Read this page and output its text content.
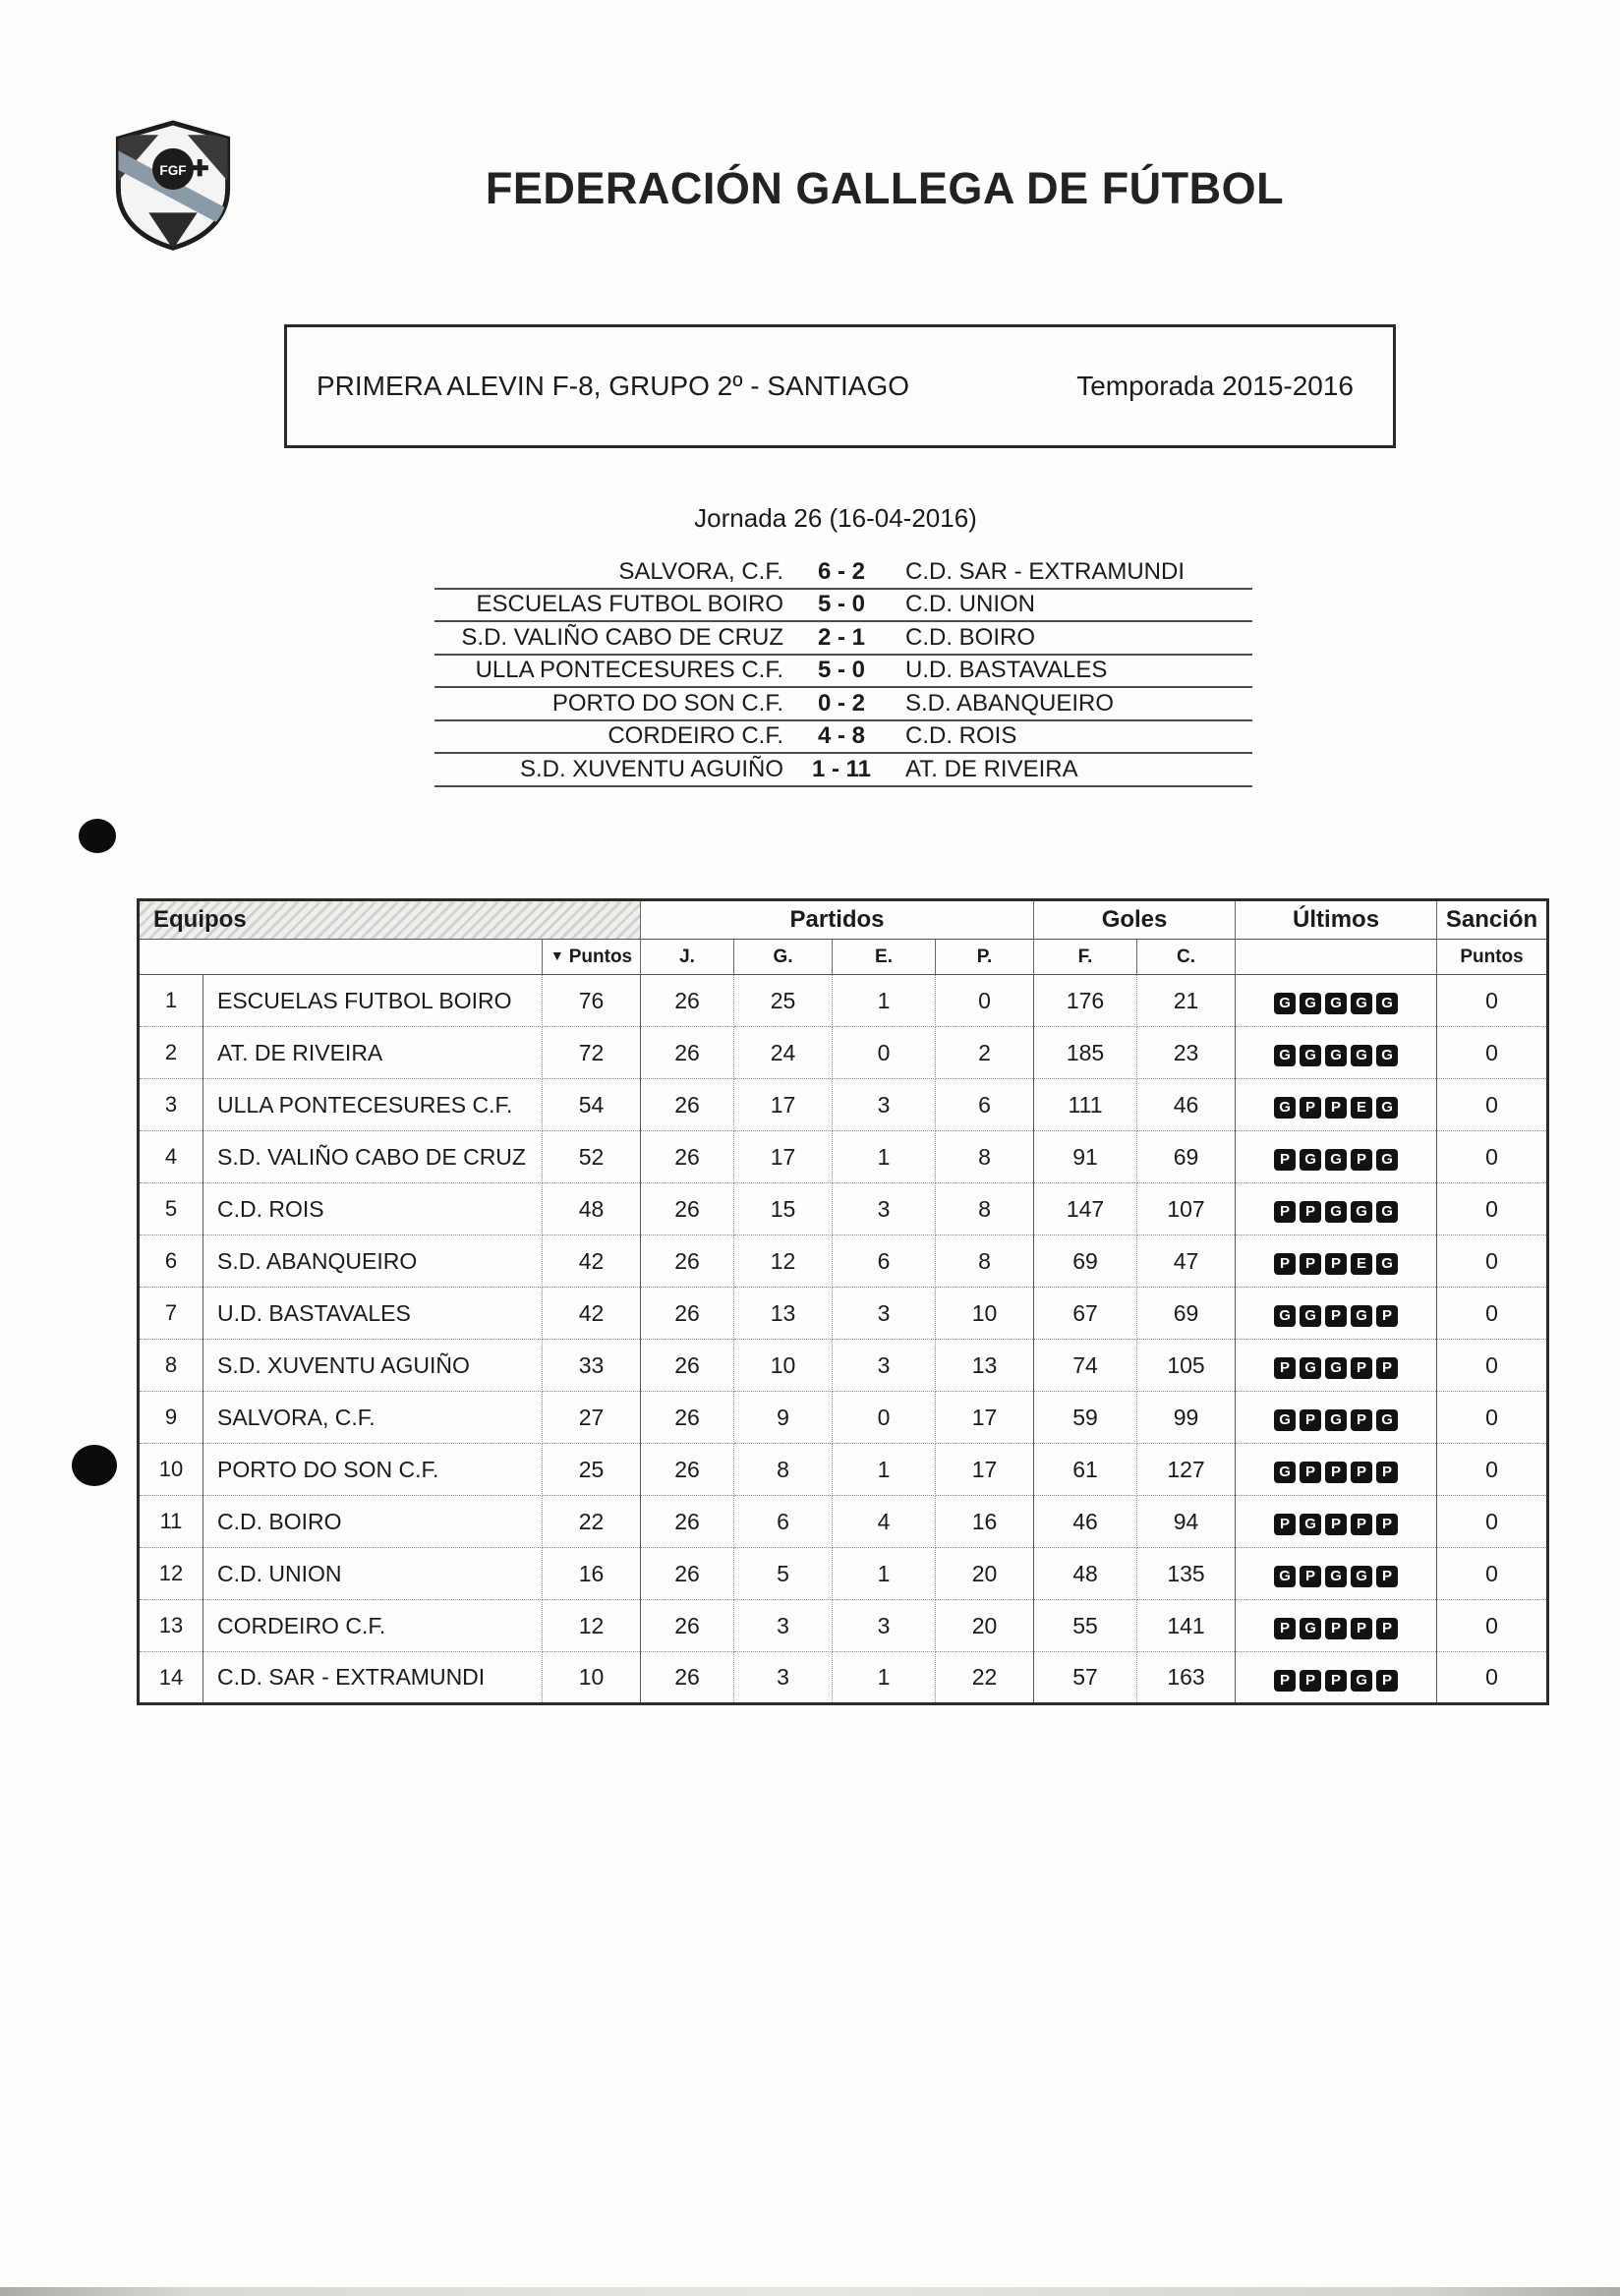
FGF	FEDERACIÓN GALLEGA DE FÚTBOL
PRIMERA ALEVIN F-8, GRUPO 2º - SANTIAGO	Temporada 2015-2016
Jornada 26 (16-04-2016)
SALVORA, C.F.	6 - 2	C.D. SAR - EXTRAMUNDI
ESCUELAS FUTBOL BOIRO	5 - 0	C.D. UNION
S.D. VALIÑO CABO DE CRUZ	2 - 1	C.D. BOIRO
ULLA PONTECESURES C.F.	5 - 0	U.D. BASTAVALES
PORTO DO SON C.F.	0 - 2	S.D. ABANQUEIRO
CORDEIRO C.F.	4 - 8	C.D. ROIS
S.D. XUVENTU AGUIÑO	1 - 11	AT. DE RIVEIRA
Equipos			Partidos				Goles		Últimos	Sanción
		▼ Puntos	J.	G.	E.	P.	F.	C.		Puntos
1	ESCUELAS FUTBOL BOIRO	76	26	25	1	0	176	21	G G G G G	0
2	AT. DE RIVEIRA	72	26	24	0	2	185	23	G G G G G	0
3	ULLA PONTECESURES C.F.	54	26	17	3	6	111	46	G P P E G	0
4	S.D. VALIÑO CABO DE CRUZ	52	26	17	1	8	91	69	P G G P G	0
5	C.D. ROIS	48	26	15	3	8	147	107	P P G G G	0
6	S.D. ABANQUEIRO	42	26	12	6	8	69	47	P P P E G	0
7	U.D. BASTAVALES	42	26	13	3	10	67	69	G G P G P	0
8	S.D. XUVENTU AGUIÑO	33	26	10	3	13	74	105	P G G P P	0
9	SALVORA, C.F.	27	26	9	0	17	59	99	G P G P G	0
10	PORTO DO SON C.F.	25	26	8	1	17	61	127	G P P P P	0
11	C.D. BOIRO	22	26	6	4	16	46	94	P G P P P	0
12	C.D. UNION	16	26	5	1	20	48	135	G P G G P	0
13	CORDEIRO C.F.	12	26	3	3	20	55	141	P G P P P	0
14	C.D. SAR - EXTRAMUNDI	10	26	3	1	22	57	163	P P P G P	0
